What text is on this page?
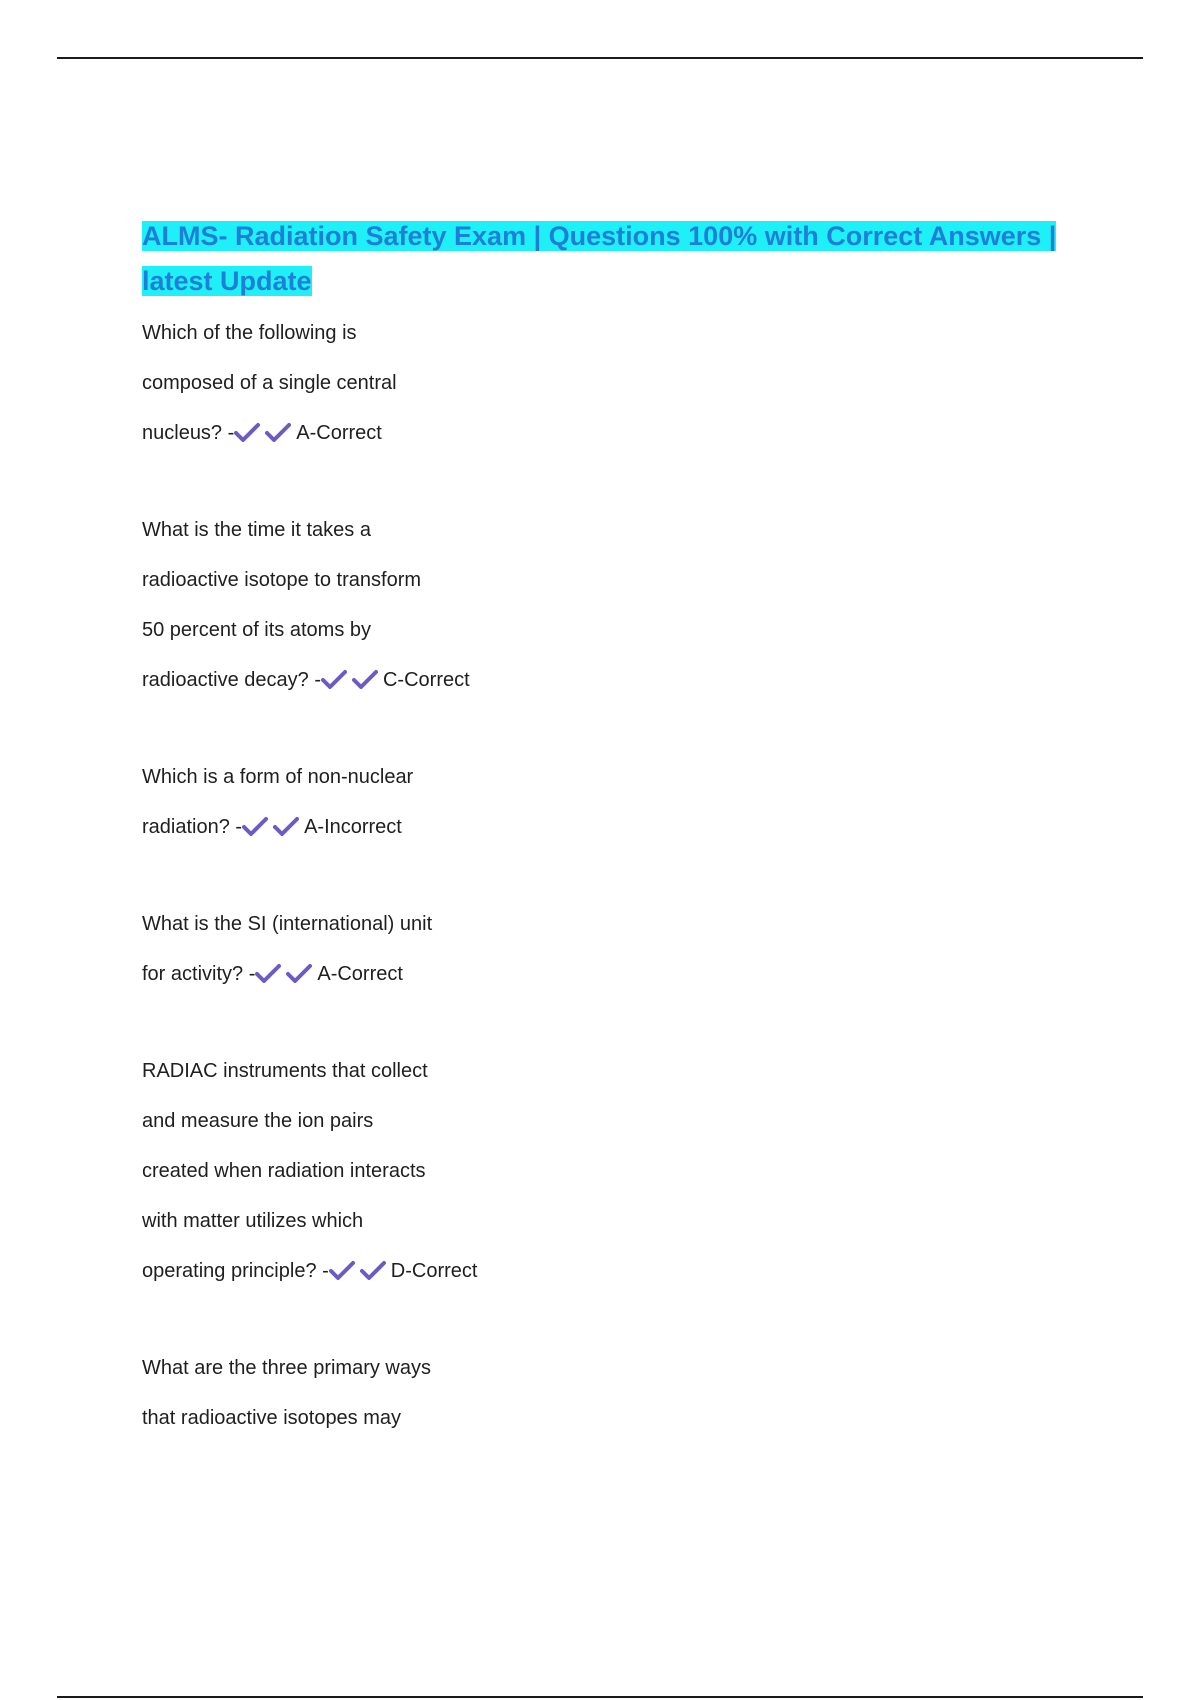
ALMS- Radiation Safety Exam | Questions 100% with Correct Answers | latest Update
Which of the following is
composed of a single central
nucleus? -	A-Correct
What is the time it takes a
radioactive isotope to transform
50 percent of its atoms by
radioactive decay? -	C-Correct
Which is a form of non-nuclear
radiation? -	A-Incorrect
What is the SI (international) unit
for activity? -	A-Correct
RADIAC instruments that collect
and measure the ion pairs
created when radiation interacts
with matter utilizes which
operating principle? -	D-Correct
What are the three primary ways
that radioactive isotopes may
